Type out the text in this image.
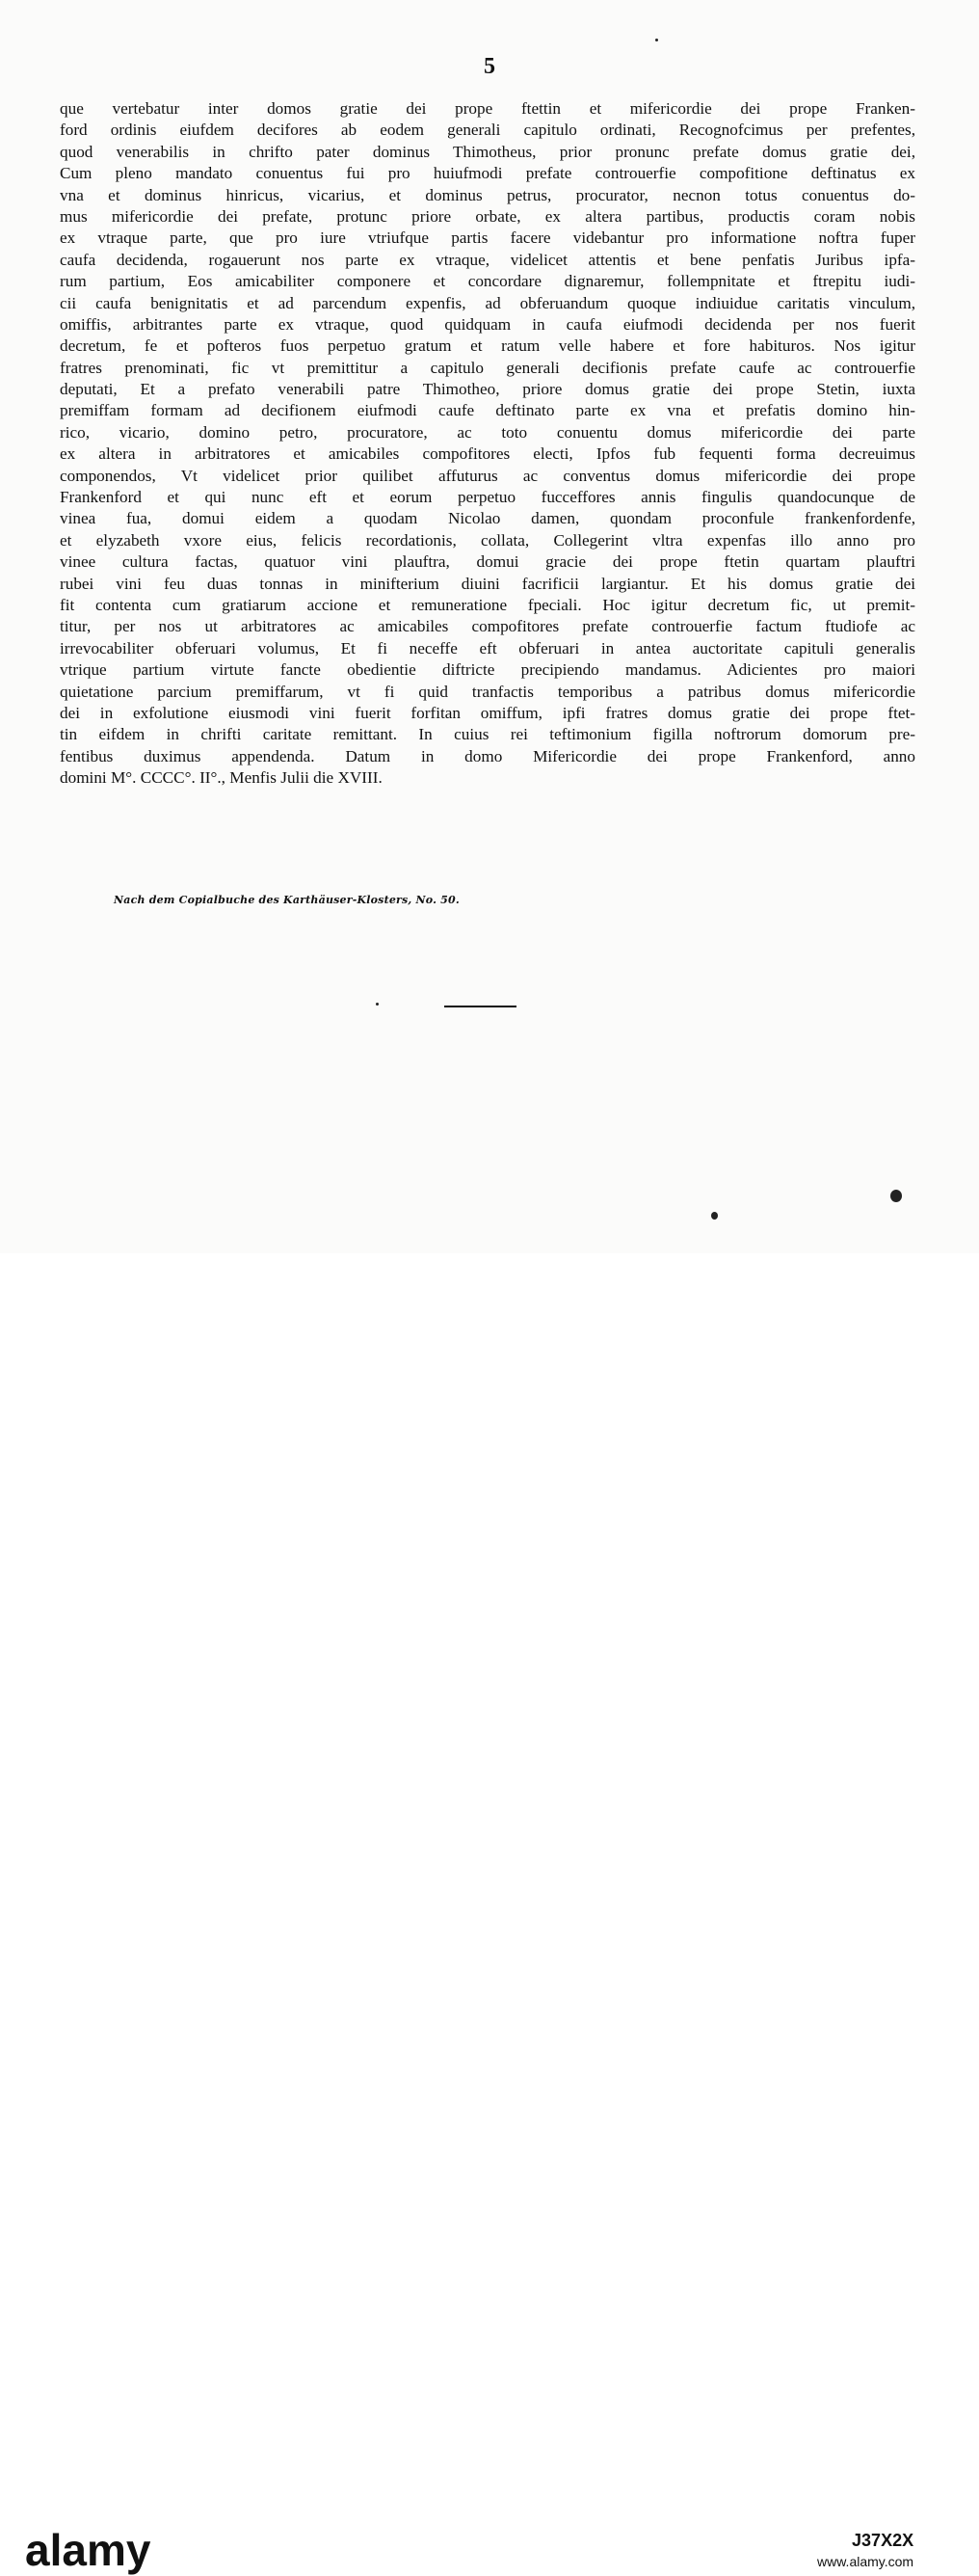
5
que vertebatur inter domos gratie dei prope ftettin et mifericordie dei prope Franken-
ford ordinis eiufdem decifores ab eodem generali capitulo ordinati, Recognofcimus per prefentes,
quod venerabilis in chrifto pater dominus Thimotheus, prior pronunc prefate domus gratie dei,
Cum pleno mandato conuentus fui pro huiufmodi prefate controuerfie compofitione deftinatus ex
vna et dominus hinricus, vicarius, et dominus petrus, procurator, necnon totus conuentus do-
mus mifericordie dei prefate, protunc priore orbate, ex altera partibus, productis coram nobis
ex vtraque parte, que pro iure vtriufque partis facere videbantur pro informatione noftra fuper
caufa decidenda, rogauerunt nos parte ex vtraque, videlicet attentis et bene penfatis Juribus ipfa-
rum partium, Eos amicabiliter componere et concordare dignaremur, follempnitate et ftrepitu iudi-
cii caufa benignitatis et ad parcendum expenfis, ad obferuandum quoque indiuidue caritatis vinculum,
omiffis, arbitrantes parte ex vtraque, quod quidquam in caufa eiufmodi decidenda per nos fuerit
decretum, fe et pofteros fuos perpetuo gratum et ratum velle habere et fore habituros. Nos igitur
fratres prenominati, fic vt premittitur a capitulo generali decifionis prefate caufe ac controuerfie
deputati, Et a prefato venerabili patre Thimotheo, priore domus gratie dei prope Stetin, iuxta
premiffam formam ad decifionem eiufmodi caufe deftinato parte ex vna et prefatis domino hin-
rico, vicario, domino petro, procuratore, ac toto conuentu domus mifericordie dei parte
ex altera in arbitratores et amicabiles compofitores electi, Ipfos fub fequenti forma decreuimus
componendos, Vt videlicet prior quilibet affuturus ac conventus domus mifericordie dei prope
Frankenford et qui nunc eft et eorum perpetuo fucceffores annis fingulis quandocunque de
vinea fua, domui eidem a quodam Nicolao damen, quondam proconfule frankenfordenfe,
et elyzabeth vxore eius, felicis recordationis, collata, Collegerint vltra expenfas illo anno pro
vinee cultura factas, quatuor vini plauftra, domui gracie dei prope ftetin quartam plauftri
rubei vini feu duas tonnas in minifterium diuini facrificii largiantur. Et his domus gratie dei
fit contenta cum gratiarum accione et remuneratione fpeciali. Hoc igitur decretum fic, ut premit-
titur, per nos ut arbitratores ac amicabiles compofitores prefate controuerfie factum ftudiofe ac
irrevocabiliter obferuari volumus, Et fi neceffe eft obferuari in antea auctoritate capituli generalis
vtrique partium virtute fancte obedientie diftricte precipiendo mandamus. Adicientes pro maiori
quietatione parcium premiffarum, vt fi quid tranfactis temporibus a patribus domus mifericordie
dei in exfolutione eiusmodi vini fuerit forfitan omiffum, ipfi fratres domus gratie dei prope ftet-
tin eifdem in chrifti caritate remittant. In cuius rei teftimonium figilla noftrorum domorum pre-
fentibus duximus appendenda. Datum in domo Mifericordie dei prope Frankenford, anno
domini M°. CCCC°. II°., Menfis Julii die XVIII.
Nach dem Copialbuche des Karthäuser-Klosters, No. 50.
alamy	J37X2X
www.alamy.com
